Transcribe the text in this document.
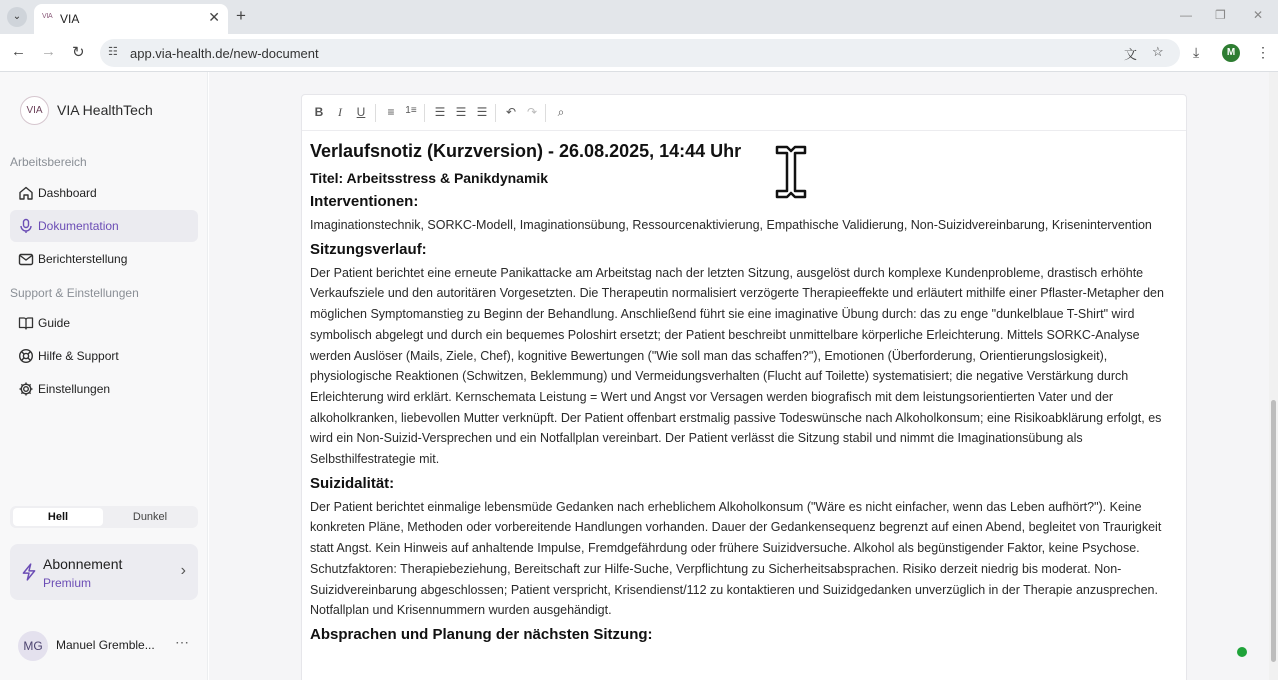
⌄	VIA VIA	✕ +	— ❐ ✕
← → ↻ ☷ app.via-health.de/new-document	文 ☆ ⤓	⋮
M
VIA	VIA HealthTech
Arbeitsbereich
Dashboard
Dokumentation
Berichterstellung
Support & Einstellungen
Guide
Hilfe & Support
Einstellungen
Hell	Dunkel
Abonnement
Premium
›
MG	Manuel Gremble... ⋯
B	I	U	≡	1≡ ☰ ☰ ☰ ↶ ↷	⌕
Verlaufsnotiz (Kurzversion) - 26.08.2025, 14:44 Uhr
Titel: Arbeitsstress & Panikdynamik
Interventionen:

Imaginationstechnik, SORKC-Modell, Imaginationsübung, Ressourcenaktivierung, Empathische Validierung, Non-Suizidvereinbarung, Krisenintervention

Sitzungsverlauf:

Der Patient berichtet eine erneute Panikattacke am Arbeitstag nach der letzten Sitzung, ausgelöst durch komplexe Kundenprobleme, drastisch erhöhte Verkaufsziele und den autoritären Vorgesetzten. Die Therapeutin normalisiert verzögerte Therapieeffekte und erläutert mithilfe einer Pflaster-Metapher den möglichen Symptomanstieg zu Beginn der Behandlung. Anschließend führt sie eine imaginative Übung durch: das zu enge "dunkelblaue T-Shirt" wird symbolisch abgelegt und durch ein bequemes Poloshirt ersetzt; der Patient beschreibt unmittelbare körperliche Erleichterung. Mittels SORKC-Analyse werden Auslöser (Mails, Ziele, Chef), kognitive Bewertungen ("Wie soll man das schaffen?"), Emotionen (Überforderung, Orientierungslosigkeit), physiologische Reaktionen (Schwitzen, Beklemmung) und Vermeidungsverhalten (Flucht auf Toilette) systematisiert; die negative Verstärkung durch Erleichterung wird erklärt. Kernschemata Leistung = Wert und Angst vor Versagen werden biografisch mit dem leistungsorientierten Vater und der alkoholkranken, liebevollen Mutter verknüpft. Der Patient offenbart erstmalig passive Todeswünsche nach Alkoholkonsum; eine Risikoabklärung erfolgt, es wird ein Non-Suizid-Versprechen und ein Notfallplan vereinbart. Der Patient verlässt die Sitzung stabil und nimmt die Imaginationsübung als Selbsthilfestrategie mit.

Suizidalität:

Der Patient berichtet einmalige lebensmüde Gedanken nach erheblichem Alkoholkonsum ("Wäre es nicht einfacher, wenn das Leben aufhört?"). Keine konkreten Pläne, Methoden oder vorbereitende Handlungen vorhanden. Dauer der Gedankensequenz begrenzt auf einen Abend, begleitet von Traurigkeit statt Angst. Kein Hinweis auf anhaltende Impulse, Fremdgefährdung oder frühere Suizidversuche. Alkohol als begünstigender Faktor, keine Psychose. Schutzfaktoren: Therapiebeziehung, Bereitschaft zur Hilfe-Suche, Verpflichtung zu Sicherheitsabsprachen. Risiko derzeit niedrig bis moderat. Non-Suizidvereinbarung abgeschlossen; Patient verspricht, Krisendienst/112 zu kontaktieren und Suizidgedanken unverzüglich in der Therapie anzusprechen. Notfallplan und Krisennummern wurden ausgehändigt.

Absprachen und Planung der nächsten Sitzung:
